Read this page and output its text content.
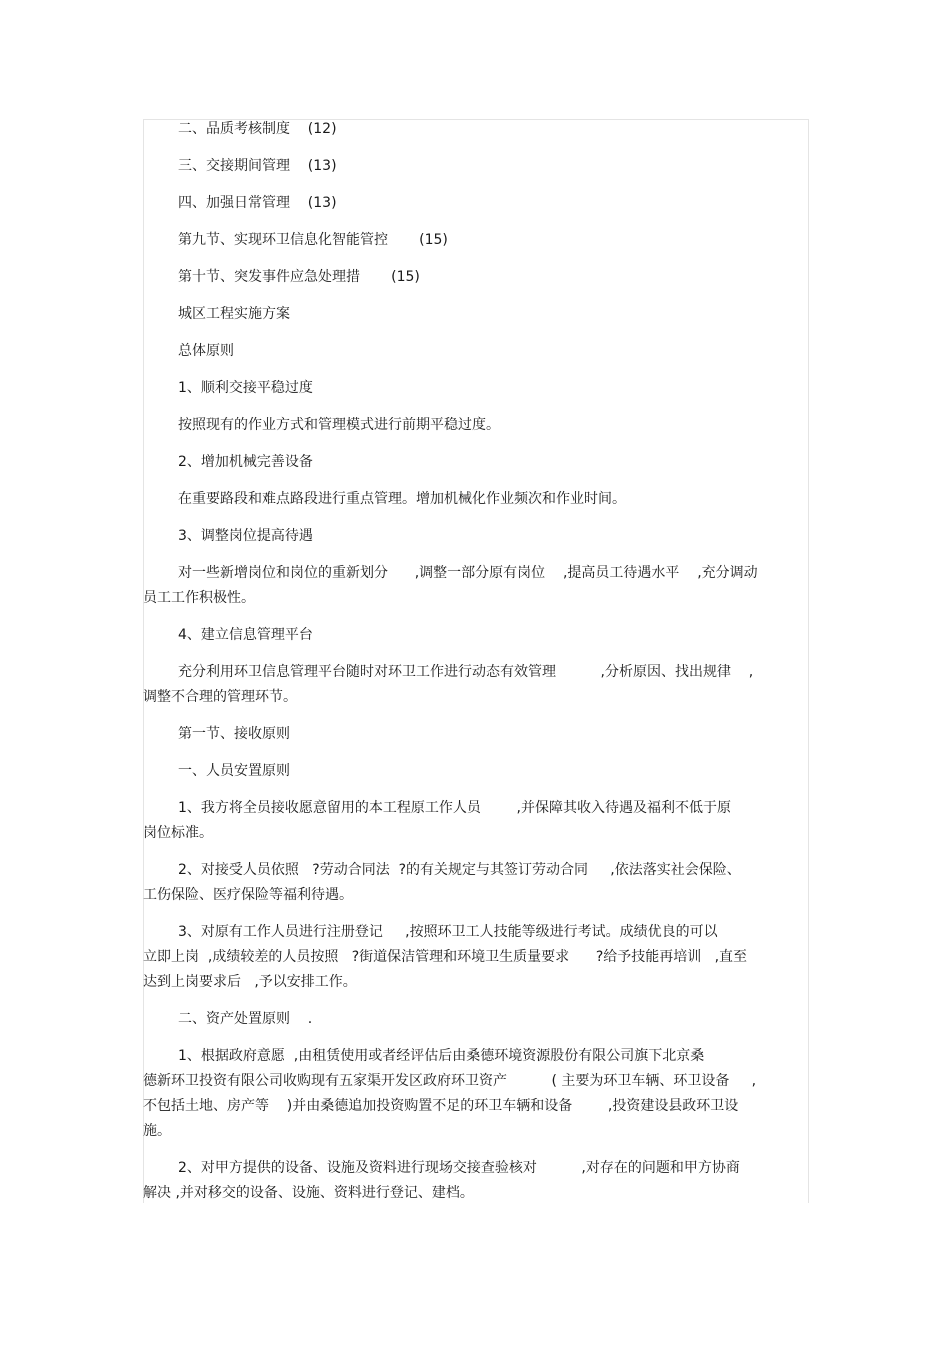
二、品质考核制度    (12)
三、交接期间管理    (13)
四、加强日常管理    (13)
第九节、实现环卫信息化智能管控       (15)
第十节、突发事件应急处理措       (15)
城区工程实施方案
总体原则
1、顺利交接平稳过度
按照现有的作业方式和管理模式进行前期平稳过度。
2、增加机械完善设备
在重要路段和难点路段进行重点管理。增加机械化作业频次和作业时间。
3、调整岗位提高待遇
对一些新增岗位和岗位的重新划分      ,调整一部分原有岗位    ,提高员工待遇水平    ,充分调动
员工工作积极性。
4、建立信息管理平台
充分利用环卫信息管理平台随时对环卫工作进行动态有效管理          ,分析原因、找出规律    ,
调整不合理的管理环节。
第一节、接收原则
一、人员安置原则
1、我方将全员接收愿意留用的本工程原工作人员        ,并保障其收入待遇及福利不低于原
岗位标准。
2、对接受人员依照   ?劳动合同法  ?的有关规定与其签订劳动合同     ,依法落实社会保险、
工伤保险、医疗保险等福利待遇。
3、对原有工作人员进行注册登记     ,按照环卫工人技能等级进行考试。成绩优良的可以
立即上岗  ,成绩较差的人员按照   ?街道保洁管理和环境卫生质量要求      ?给予技能再培训   ,直至
达到上岗要求后   ,予以安排工作。
二、资产处置原则    .
1、根据政府意愿  ,由租赁使用或者经评估后由桑德环境资源股份有限公司旗下北京桑
德新环卫投资有限公司收购现有五家渠开发区政府环卫资产          ( 主要为环卫车辆、环卫设备     ,
不包括土地、房产等    )并由桑德追加投资购置不足的环卫车辆和设备        ,投资建设县政环卫设
施。
2、对甲方提供的设备、设施及资料进行现场交接查验核对          ,对存在的问题和甲方协商
解决 ,并对移交的设备、设施、资料进行登记、建档。
